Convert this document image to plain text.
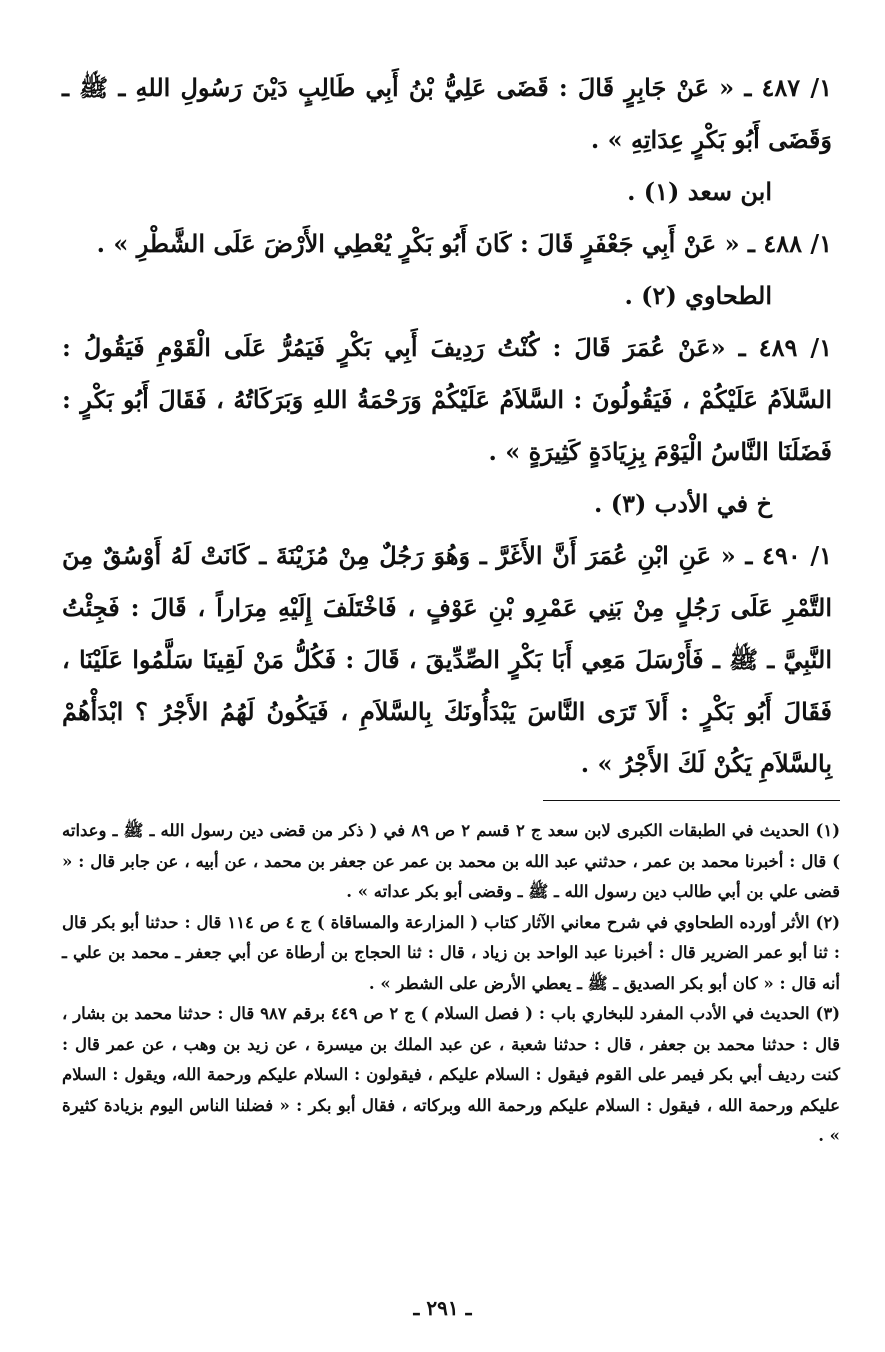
١/ ٤٨٧ ـ « عَنْ جَابِرٍ قَالَ : قَضَى عَلِيُّ بْنُ أَبِي طَالِبٍ دَيْنَ رَسُولِ اللهِ ـ ﷺ ـ وَقَضَى أَبُو بَكْرٍ عِدَاتِهِ » .

ابن سعد (١) .

١/ ٤٨٨ ـ « عَنْ أَبِي جَعْفَرٍ قَالَ : كَانَ أَبُو بَكْرٍ يُعْطِي الأَرْضَ عَلَى الشَّطْرِ » .

الطحاوي (٢) .

١/ ٤٨٩ ـ «عَنْ عُمَرَ قَالَ : كُنْتُ رَدِيفَ أَبِي بَكْرٍ فَيَمُرُّ عَلَى الْقَوْمِ فَيَقُولُ : السَّلاَمُ عَلَيْكُمْ ، فَيَقُولُونَ : السَّلاَمُ عَلَيْكُمْ وَرَحْمَةُ اللهِ وَبَرَكَاتُهُ ، فَقَالَ أَبُو بَكْرٍ : فَضَلَنَا النَّاسُ الْيَوْمَ بِزِيَادَةٍ كَثِيرَةٍ » .

خ في الأدب (٣) .

١/ ٤٩٠ ـ « عَنِ ابْنِ عُمَرَ أَنَّ الأَغَرَّ ـ وَهُوَ رَجُلٌ مِنْ مُزَيْنَةَ ـ كَانَتْ لَهُ أَوْسُقٌ مِنَ التَّمْرِ عَلَى رَجُلٍ مِنْ بَنِي عَمْرِو بْنِ عَوْفٍ ، فَاخْتَلَفَ إِلَيْهِ مِرَاراً ، قَالَ : فَجِئْتُ النَّبِيَّ ـ ﷺ ـ فَأَرْسَلَ مَعِي أَبَا بَكْرٍ الصِّدِّيقَ ، قَالَ : فَكُلُّ مَنْ لَقِينَا سَلَّمُوا عَلَيْنَا ، فَقَالَ أَبُو بَكْرٍ : أَلاَ تَرَى النَّاسَ يَبْدَأُونَكَ بِالسَّلاَمِ ، فَيَكُونُ لَهُمُ الأَجْرُ ؟ ابْدَأْهُمْ بِالسَّلاَمِ يَكُنْ لَكَ الأَجْرُ » .

(١) الحديث في الطبقات الكبرى لابن سعد ج ٢ قسم ٢ ص ٨٩ في ( ذكر من قضى دين رسول الله ـ ﷺ ـ وعداته ) قال : أخبرنا محمد بن عمر ، حدثني عبد الله بن محمد بن عمر عن جعفر بن محمد ، عن أبيه ، عن جابر قال : « قضى علي بن أبي طالب دين رسول الله ـ ﷺ ـ وقضى أبو بكر عداته » .

(٢) الأثر أورده الطحاوي في شرح معاني الآثار كتاب ( المزارعة والمساقاة ) ج ٤ ص ١١٤ قال : حدثنا أبو بكر قال : ثنا أبو عمر الضرير قال : أخبرنا عبد الواحد بن زياد ، قال : ثنا الحجاج بن أرطاة عن أبي جعفر ـ محمد بن علي ـ أنه قال : « كان أبو بكر الصديق ـ ﷺ ـ يعطي الأرض على الشطر » .

(٣) الحديث في الأدب المفرد للبخاري باب : ( فصل السلام ) ج ٢ ص ٤٤٩ برقم ٩٨٧ قال : حدثنا محمد بن بشار ، قال : حدثنا محمد بن جعفر ، قال : حدثنا شعبة ، عن عبد الملك بن ميسرة ، عن زيد بن وهب ، عن عمر قال : كنت رديف أبي بكر فيمر على القوم فيقول : السلام عليكم ، فيقولون : السلام عليكم ورحمة الله، ويقول : السلام عليكم ورحمة الله ، فيقول : السلام عليكم ورحمة الله وبركاته ، فقال أبو بكر : « فضلنا الناس اليوم بزيادة كثيرة » .

ـ ٢٩١ ـ
